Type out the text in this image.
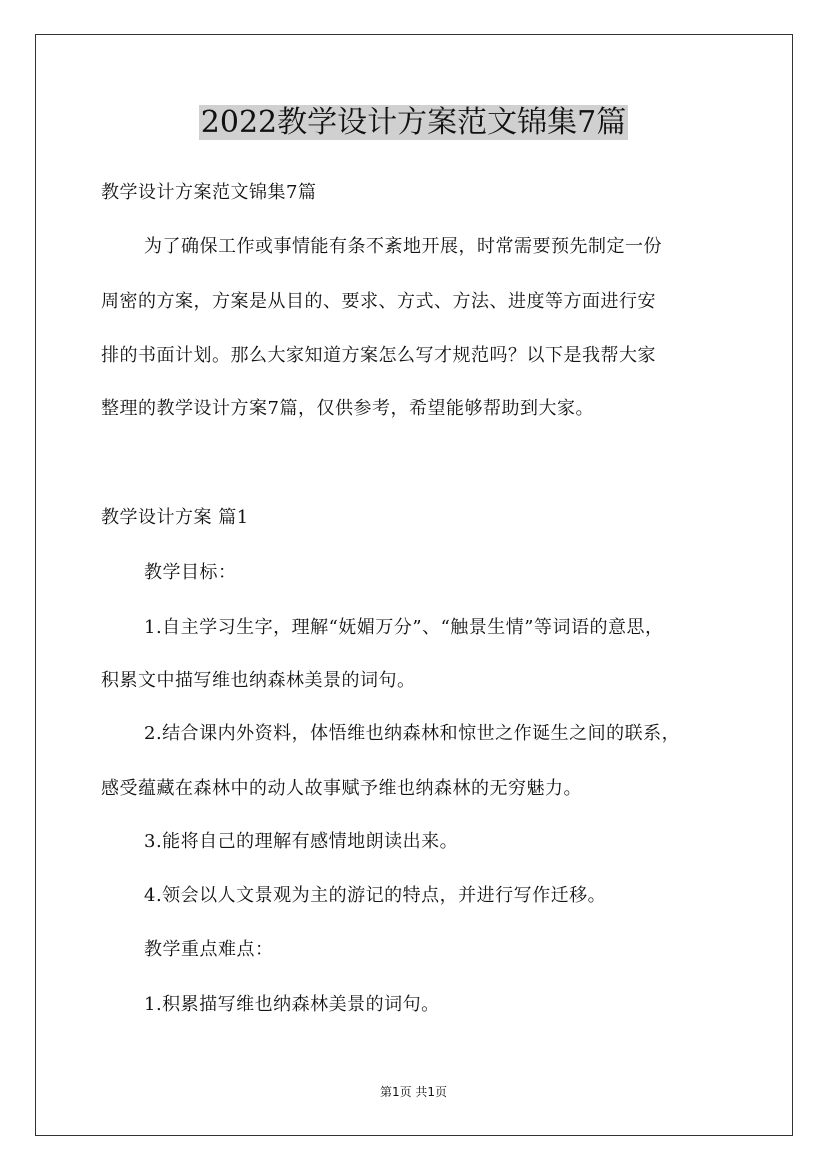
2022教学设计方案范文锦集7篇

教学设计方案范文锦集7篇

为了确保工作或事情能有条不紊地开展，时常需要预先制定一份

周密的方案，方案是从目的、要求、方式、方法、进度等方面进行安

排的书面计划。那么大家知道方案怎么写才规范吗？以下是我帮大家

整理的教学设计方案7篇，仅供参考，希望能够帮助到大家。

教学设计方案 篇1

教学目标：

1.自主学习生字，理解“妩媚万分”、“触景生情”等词语的意思，

积累文中描写维也纳森林美景的词句。

2.结合课内外资料，体悟维也纳森林和惊世之作诞生之间的联系，

感受蕴藏在森林中的动人故事赋予维也纳森林的无穷魅力。

3.能将自己的理解有感情地朗读出来。

4.领会以人文景观为主的游记的特点，并进行写作迁移。

教学重点难点：

1.积累描写维也纳森林美景的词句。

第1页 共1页
